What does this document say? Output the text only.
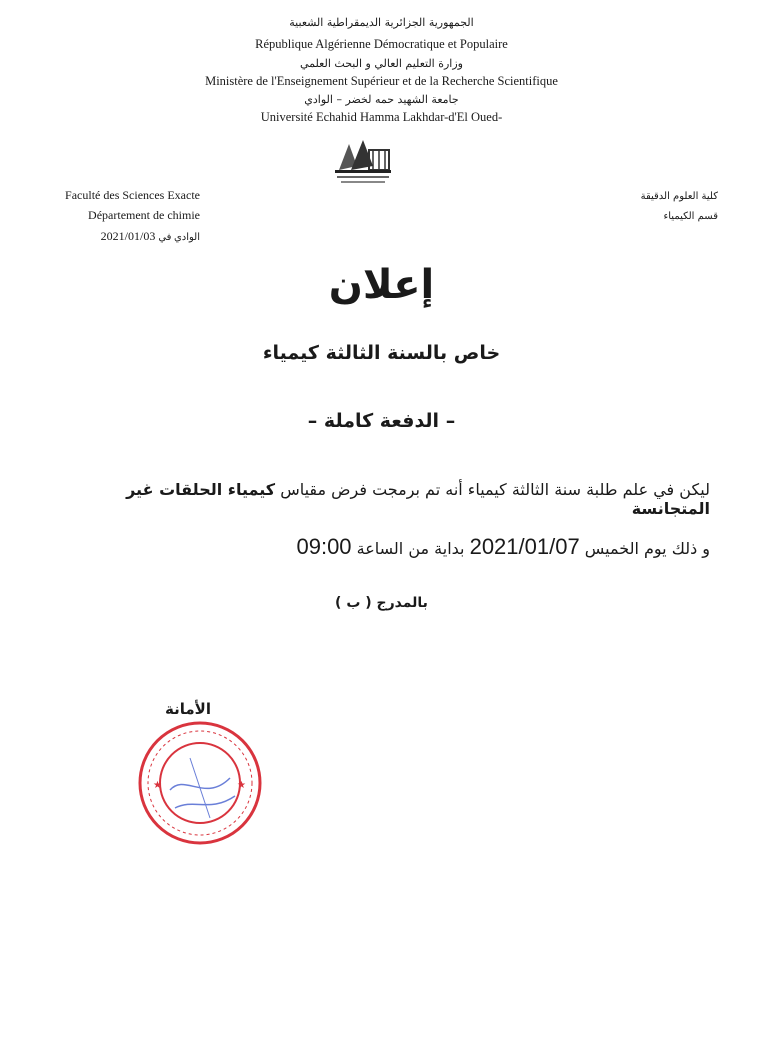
الجمهورية الجزائرية الديمقراطية الشعبية
République Algérienne Démocratique et Populaire
وزارة التعليم العالي و البحث العلمي
Ministère de l'Enseignement Supérieur et de la Recherche Scientifique
جامعة الشهيد حمه لخضر – الوادي
Université Echahid Hamma Lakhdar-d'El Oued-
Faculté des Sciences Exacte
Département de chimie
الوادي في 2021/01/03
كلية العلوم الدقيقة
قسم الكيمياء
إعلان
خاص بالسنة الثالثة كيمياء
– الدفعة كاملة –
ليكن في علم طلبة سنة الثالثة كيمياء أنه تم برمجت فرض مقياس كيمياء الحلقات غير المتجانسة
و ذلك يوم الخميس 2021/01/07 بداية من الساعة 09:00
بالمدرج ( ب )
الأمانة
★	★
